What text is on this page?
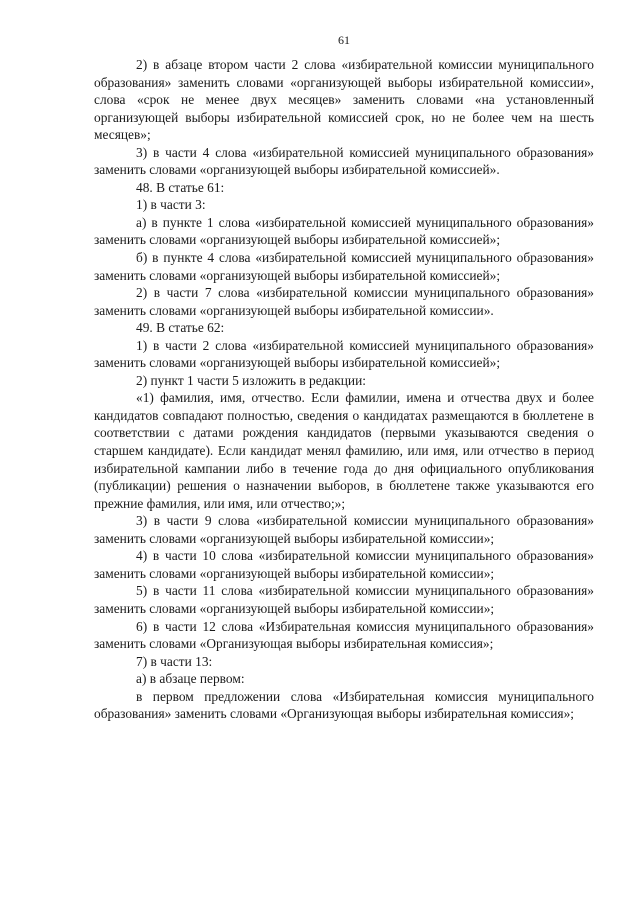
61

2) в абзаце втором части 2 слова «избирательной комиссии муниципального образования» заменить словами «организующей выборы избирательной комиссии», слова «срок не менее двух месяцев» заменить словами «на установленный организующей выборы избирательной комиссией срок, но не более чем на шесть месяцев»;

3) в части 4 слова «избирательной комиссией муниципального образования» заменить словами «организующей выборы избирательной комиссией».

48. В статье 61:

1) в части 3:

а) в пункте 1 слова «избирательной комиссией муниципального образования» заменить словами «организующей выборы избирательной комиссией»;

б) в пункте 4 слова «избирательной комиссией муниципального образования» заменить словами «организующей выборы избирательной комиссией»;

2) в части 7 слова «избирательной комиссии муниципального образования» заменить словами «организующей выборы избирательной комиссии».

49. В статье 62:

1) в части 2 слова «избирательной комиссией муниципального образования» заменить словами «организующей выборы избирательной комиссией»;

2) пункт 1 части 5 изложить в редакции:

«1) фамилия, имя, отчество. Если фамилии, имена и отчества двух и более кандидатов совпадают полностью, сведения о кандидатах размещаются в бюллетене в соответствии с датами рождения кандидатов (первыми указываются сведения о старшем кандидате). Если кандидат менял фамилию, или имя, или отчество в период избирательной кампании либо в течение года до дня официального опубликования (публикации) решения о назначении выборов, в бюллетене также указываются его прежние фамилия, или имя, или отчество;»;

3) в части 9 слова «избирательной комиссии муниципального образования» заменить словами «организующей выборы избирательной комиссии»;

4) в части 10 слова «избирательной комиссии муниципального образования» заменить словами «организующей выборы избирательной комиссии»;

5) в части 11 слова «избирательной комиссии муниципального образования» заменить словами «организующей выборы избирательной комиссии»;

6) в части 12 слова «Избирательная комиссия муниципального образования» заменить словами «Организующая выборы избирательная комиссия»;

7) в части 13:

а) в абзаце первом:

в первом предложении слова «Избирательная комиссия муниципального образования» заменить словами «Организующая выборы избирательная комиссия»;
